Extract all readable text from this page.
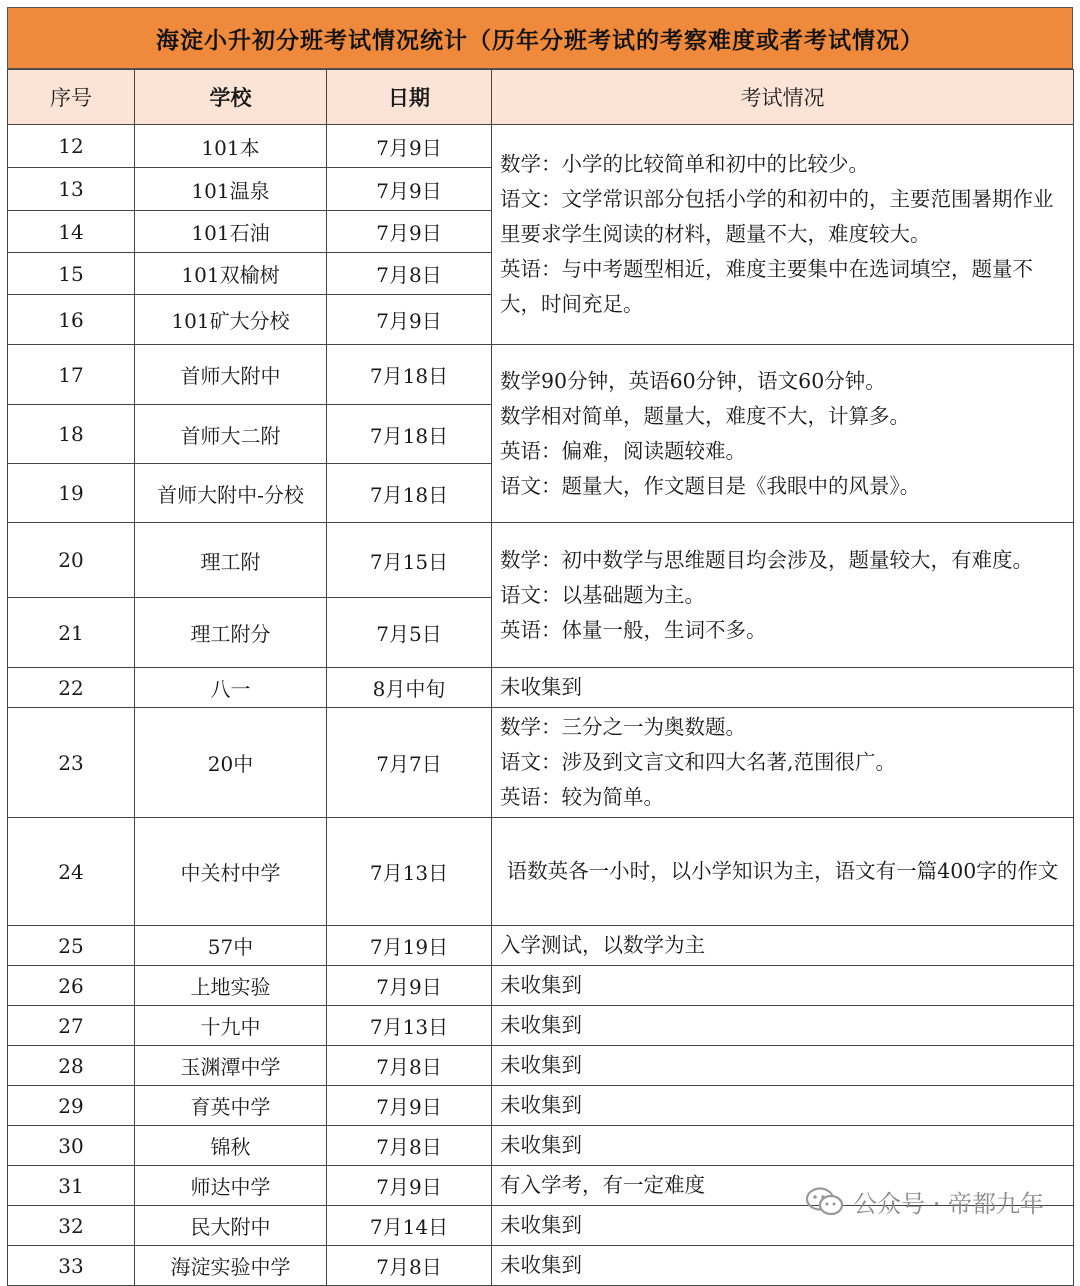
海淀小升初分班考试情况统计（历年分班考试的考察难度或者考试情况）
序号	学校	日期	考试情况
12	101本	7月9日	数学：小学的比较简单和初中的比较少。

语文：文学常识部分包括小学的和初中的，主要范围暑期作业里要求学生阅读的材料，题量不大，难度较大。

英语：与中考题型相近，难度主要集中在选词填空，题量不大，时间充足。

13	101温泉	7月9日	
14	101石油	7月9日	
15	101双榆树	7月8日	
16	101矿大分校	7月9日	
17	首师大附中	7月18日	数学90分钟，英语60分钟，语文60分钟。

数学相对简单，题量大，难度不大，计算多。

英语：偏难，阅读题较难。

语文：题量大，作文题目是《我眼中的风景》。

18	首师大二附	7月18日	
19	首师大附中-分校	7月18日	
20	理工附	7月15日	数学：初中数学与思维题目均会涉及，题量较大，有难度。

语文：以基础题为主。

英语：体量一般，生词不多。

21	理工附分	7月5日	
22	八一	8月中旬	未收集到
23	20中	7月7日	数学：三分之一为奥数题。

语文：涉及到文言文和四大名著,范围很广。

英语：较为简单。

24	中关村中学	7月13日	语数英各一小时，以小学知识为主，语文有一篇400字的作文
25	57中	7月19日	入学测试，以数学为主
26	上地实验	7月9日	未收集到
27	十九中	7月13日	未收集到
28	玉渊潭中学	7月8日	未收集到
29	育英中学	7月9日	未收集到
30	锦秋	7月8日	未收集到
31	师达中学	7月9日	有入学考，有一定难度
32	民大附中	7月14日	未收集到
33	海淀实验中学	7月8日	未收集到
公众号 · 帝都九年
